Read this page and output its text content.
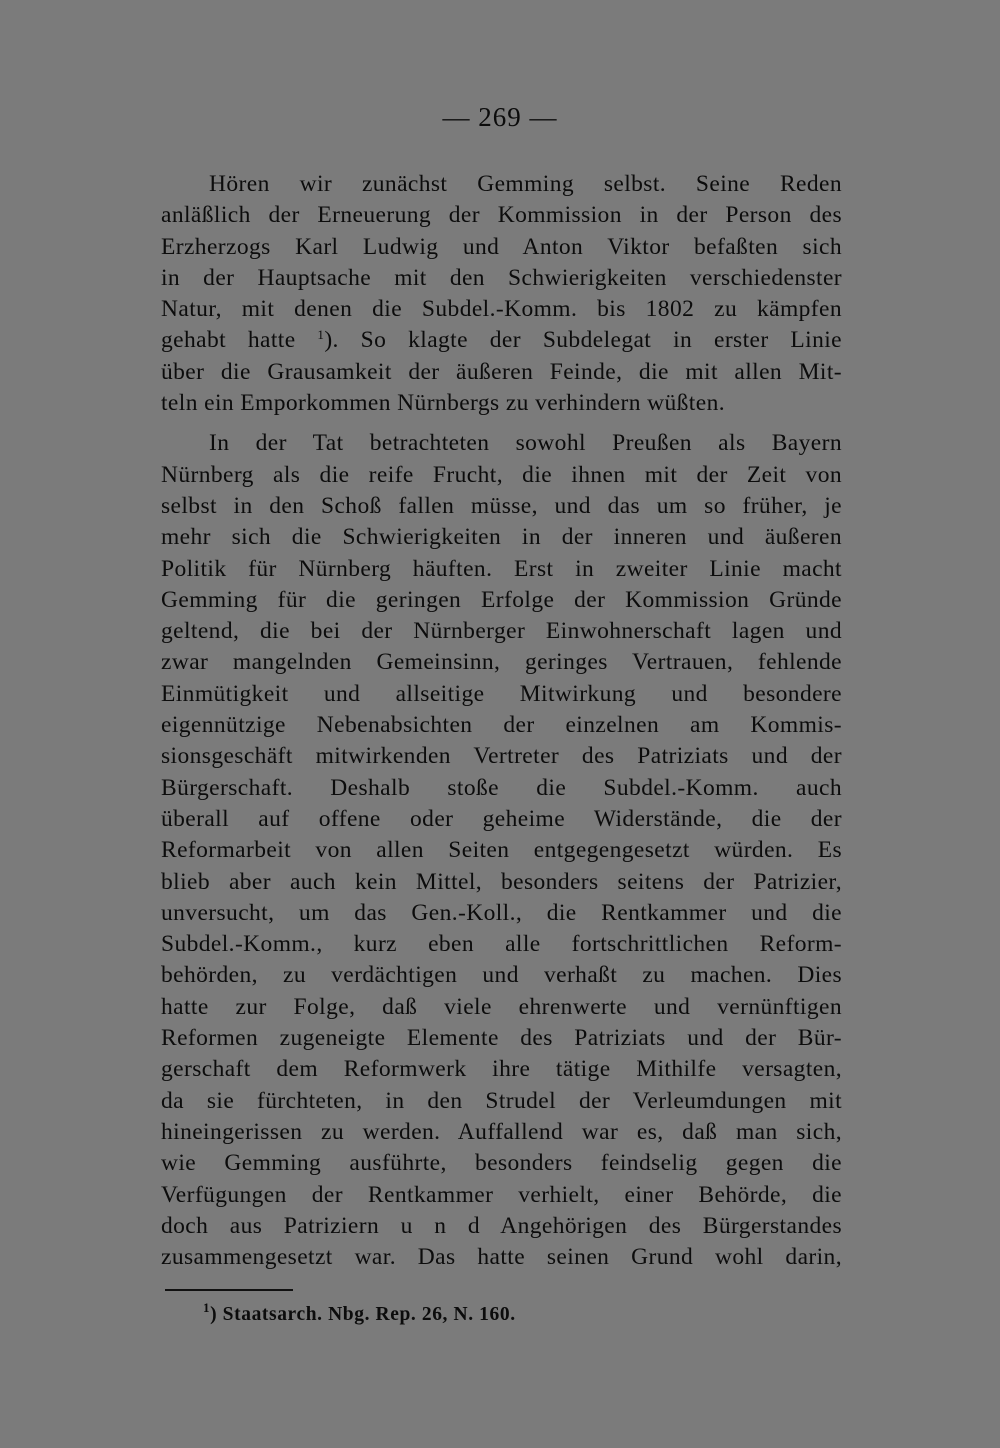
— 269 —
Hören wir zunächst Gemming selbst. Seine Reden
anläßlich der Erneuerung der Kommission in der Person des
Erzherzogs Karl Ludwig und Anton Viktor befaßten sich
in der Hauptsache mit den Schwierigkeiten verschiedenster
Natur, mit denen die Subdel.-Komm. bis 1802 zu kämpfen
gehabt hatte $^1$). So klagte der Subdelegat in erster Linie
über die Grausamkeit der äußeren Feinde, die mit allen Mit-
teln ein Emporkommen Nürnbergs zu verhindern wüßten.
In der Tat betrachteten sowohl Preußen als Bayern
Nürnberg als die reife Frucht, die ihnen mit der Zeit von
selbst in den Schoß fallen müsse, und das um so früher, je
mehr sich die Schwierigkeiten in der inneren und äußeren
Politik für Nürnberg häuften. Erst in zweiter Linie macht
Gemming für die geringen Erfolge der Kommission Gründe
geltend, die bei der Nürnberger Einwohnerschaft lagen und
zwar mangelnden Gemeinsinn, geringes Vertrauen, fehlende
Einmütigkeit und allseitige Mitwirkung und besondere
eigennützige Nebenabsichten der einzelnen am Kommis-
sionsgeschäft mitwirkenden Vertreter des Patriziats und der
Bürgerschaft. Deshalb stoße die Subdel.-Komm. auch
überall auf offene oder geheime Widerstände, die der
Reformarbeit von allen Seiten entgegengesetzt würden. Es
blieb aber auch kein Mittel, besonders seitens der Patrizier,
unversucht, um das Gen.-Koll., die Rentkammer und die
Subdel.-Komm., kurz eben alle fortschrittlichen Reform-
behörden, zu verdächtigen und verhaßt zu machen. Dies
hatte zur Folge, daß viele ehrenwerte und vernünftigen
Reformen zugeneigte Elemente des Patriziats und der Bür-
gerschaft dem Reformwerk ihre tätige Mithilfe versagten,
da sie fürchteten, in den Strudel der Verleumdungen mit
hineingerissen zu werden. Auffallend war es, daß man sich,
wie Gemming ausführte, besonders feindselig gegen die
Verfügungen der Rentkammer verhielt, einer Behörde, die
doch aus Patriziern u n d Angehörigen des Bürgerstandes
zusammengesetzt war. Das hatte seinen Grund wohl darin,
$^1$) Staatsarch. Nbg. Rep. 26, N. 160.
